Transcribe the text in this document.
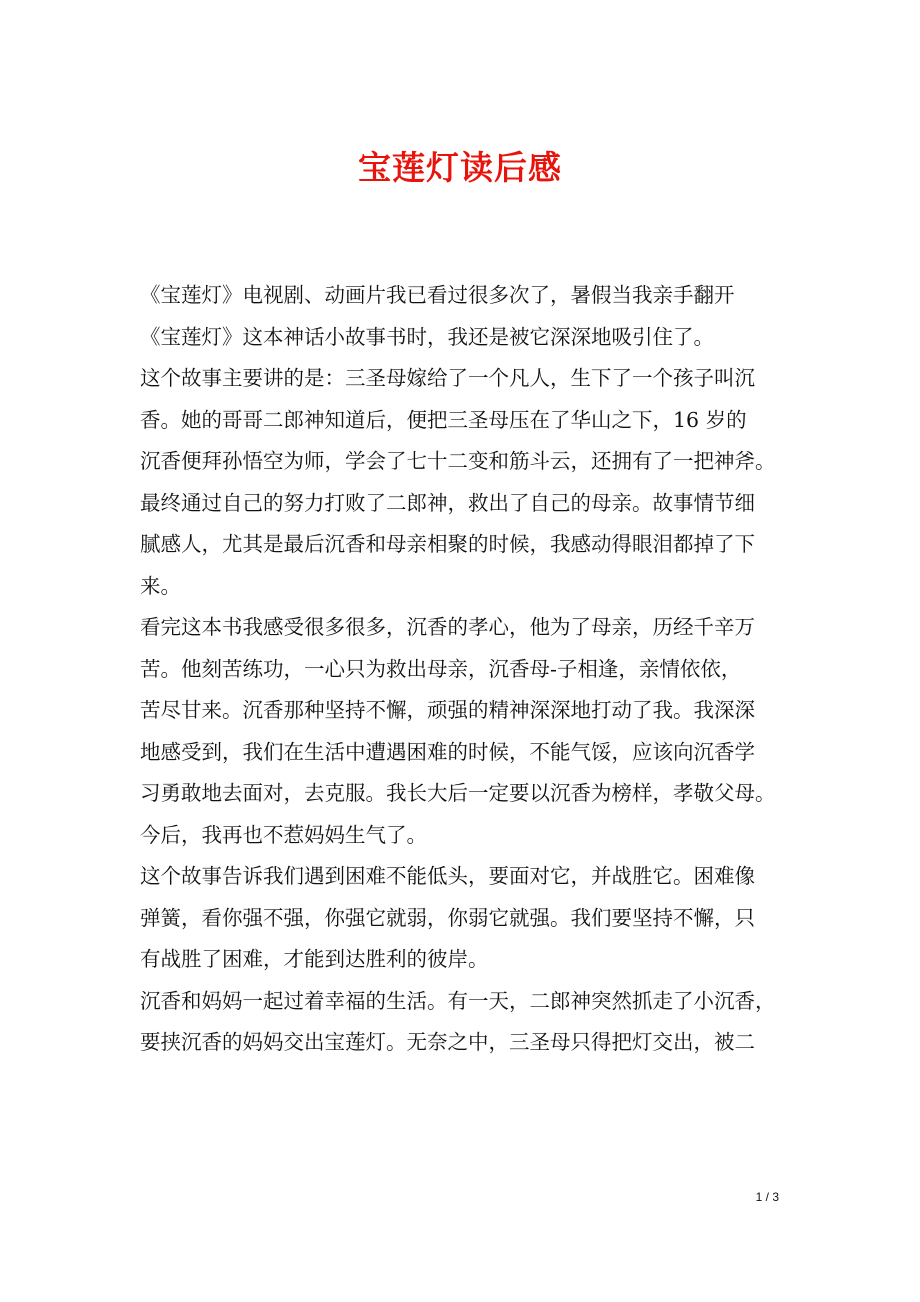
宝莲灯读后感

《宝莲灯》电视剧、动画片我已看过很多次了，暑假当我亲手翻开
《宝莲灯》这本神话小故事书时，我还是被它深深地吸引住了。

这个故事主要讲的是：三圣母嫁给了一个凡人，生下了一个孩子叫沉
香。她的哥哥二郎神知道后，便把三圣母压在了华山之下，16 岁的
沉香便拜孙悟空为师，学会了七十二变和筋斗云，还拥有了一把神斧。
最终通过自己的努力打败了二郎神，救出了自己的母亲。故事情节细
腻感人，尤其是最后沉香和母亲相聚的时候，我感动得眼泪都掉了下
来。

看完这本书我感受很多很多，沉香的孝心，他为了母亲，历经千辛万
苦。他刻苦练功，一心只为救出母亲，沉香母-子相逢，亲情依依，
苦尽甘来。沉香那种坚持不懈，顽强的精神深深地打动了我。我深深
地感受到，我们在生活中遭遇困难的时候，不能气馁，应该向沉香学
习勇敢地去面对，去克服。我长大后一定要以沉香为榜样，孝敬父母。
今后，我再也不惹妈妈生气了。

这个故事告诉我们遇到困难不能低头，要面对它，并战胜它。困难像
弹簧，看你强不强，你强它就弱，你弱它就强。我们要坚持不懈，只
有战胜了困难，才能到达胜利的彼岸。

沉香和妈妈一起过着幸福的生活。有一天，二郎神突然抓走了小沉香，
要挟沉香的妈妈交出宝莲灯。无奈之中，三圣母只得把灯交出，被二

1 / 3
